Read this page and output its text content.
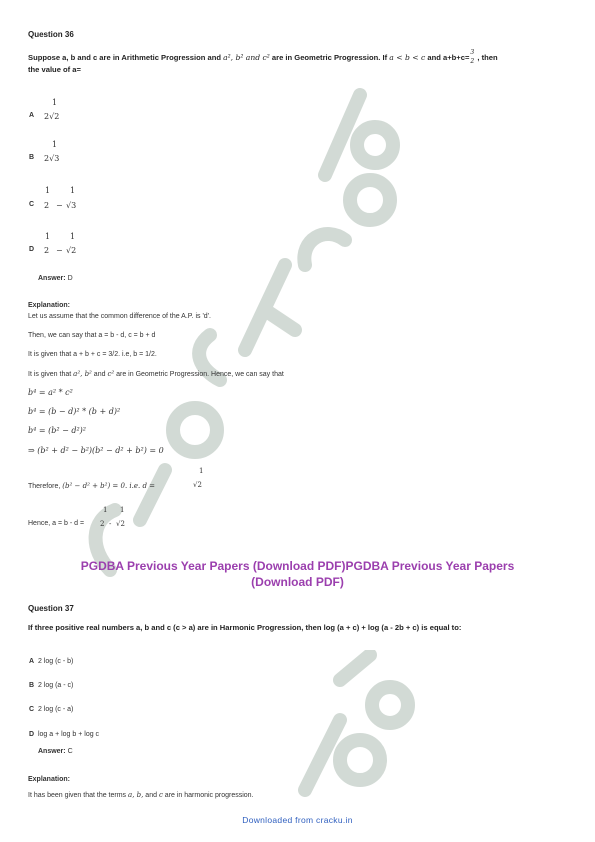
Question 36
Suppose a, b and c are in Arithmetic Progression and a², b² and c² are in Geometric Progression. If a < b < c and a+b+c=
3
2 , then
the value of a=
A
1
2√2
B
1
2√3
C
1 1
2 − √3
D
1 1
2 − √2
Answer: D
Explanation:
Let us assume that the common difference of the A.P. is 'd'.
Then, we can say that a = b - d, c = b + d
It is given that a + b + c = 3/2. i.e, b = 1/2.
It is given that a², b² and c² are in Geometric Progression. Hence, we can say that
b⁴ = a² * c²
b⁴ = (b − d)² * (b + d)²
b⁴ = (b² − d²)²
⇒ (b² + d² − b²)(b² − d² + b²) = 0
Therefore, (b² − d² + b²) = 0. i.e. d =
1
√2
Hence, a = b - d =
1 1
2 - √2
PGDBA Previous Year Papers (Download PDF)PGDBA Previous Year Papers
(Download PDF)
Question 37
If three positive real numbers a, b and c (c > a) are in Harmonic Progression, then log (a + c) + log (a - 2b + c) is equal to:
A 2 log (c - b)
B 2 log (a - c)
C 2 log (c - a)
D log a + log b + log c
Answer: C
Explanation:
It has been given that the terms a, b, and c are in harmonic progression.
Downloaded from cracku.in
